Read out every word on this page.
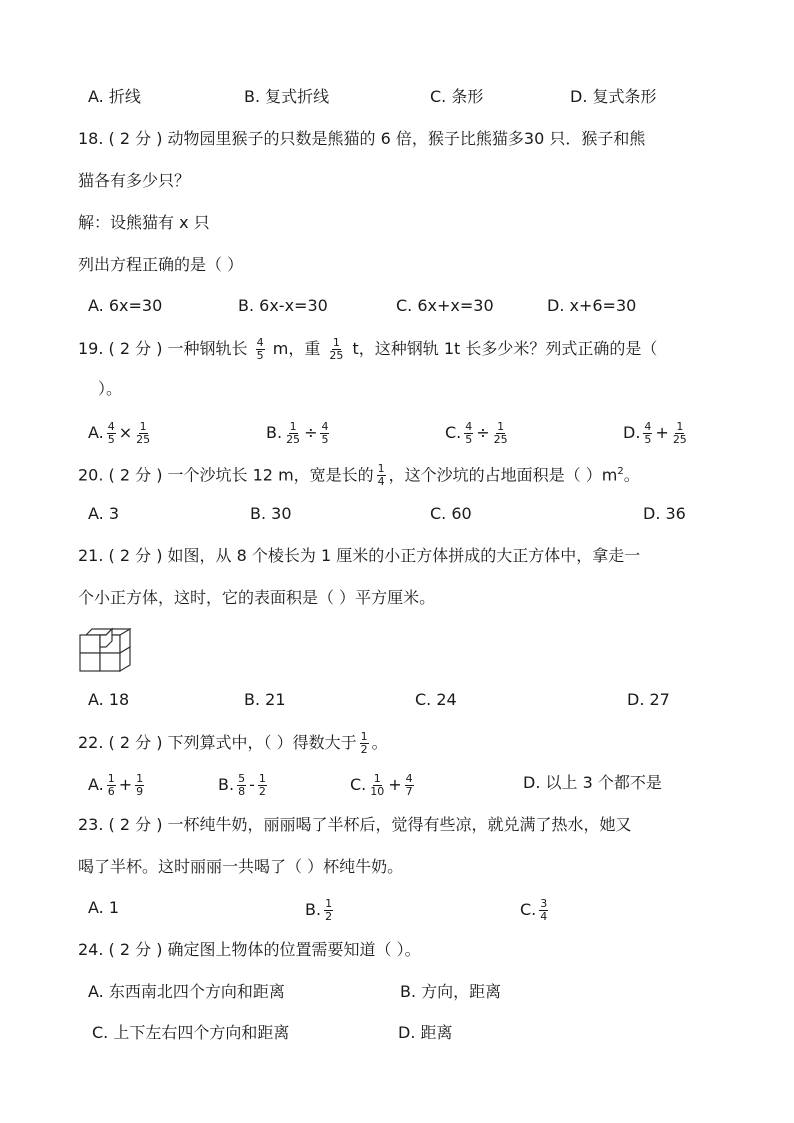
A. 折线	B. 复式折线	C. 条形	D. 复式条形
18. ( 2 分 ) 动物园里猴子的只数是熊猫的 6 倍，猴子比熊猫多30 只．猴子和熊
猫各有多少只？
解：设熊猫有 x 只
列出方程正确的是（ ）
A. 6x=30	B. 6x-x=30	C. 6x+x=30	D. x+6=30
19. ( 2 分 ) 一种钢轨长 $\frac{4}{5}$ m，重 $\frac{1}{25}$ t，这种钢轨 1t 长多少米？列式正确的是（
）。
A. $\frac{4}{5} \times \frac{1}{25}$	B. $\frac{1}{25} \div \frac{4}{5}$	C. $\frac{4}{5} \div \frac{1}{25}$	D. $\frac{4}{5} + \frac{1}{25}$
20. ( 2 分 ) 一个沙坑长 12 m，宽是长的 $\frac{1}{4}$ ，这个沙坑的占地面积是（ ）$m^2$。
A. 3	B. 30	C. 60	D. 36
21. ( 2 分 ) 如图，从 8 个棱长为 1 厘米的小正方体拼成的大正方体中，拿走一
个小正方体，这时，它的表面积是（ ）平方厘米。
A. 18	B. 21	C. 24	D. 27
22. ( 2 分 ) 下列算式中，（ ）得数大于 $\frac{1}{2}$ 。
A. $\frac{1}{6} + \frac{1}{9}$	B. $\frac{5}{8} - \frac{1}{2}$	C. $\frac{1}{10} + \frac{4}{7}$	D. 以上 3 个都不是
23. ( 2 分 ) 一杯纯牛奶，丽丽喝了半杯后，觉得有些凉，就兑满了热水，她又
喝了半杯。这时丽丽一共喝了（ ）杯纯牛奶。
A. 1	B. $\frac{1}{2}$	C. $\frac{3}{4}$
24. ( 2 分 ) 确定图上物体的位置需要知道（ ）。
A. 东西南北四个方向和距离	B. 方向，距离
C. 上下左右四个方向和距离	D. 距离
